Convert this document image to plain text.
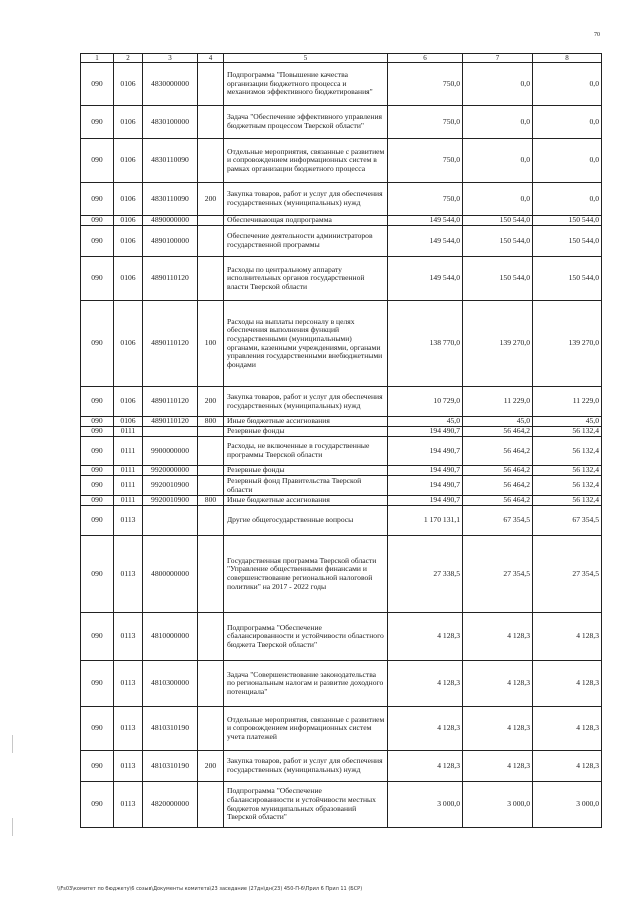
70
1	2	3	4	5	6	7	8
090	0106	4830000000		Подпрограмма "Повышение качества организации бюджетного процесса и механизмов эффективного бюджетирования"	750,0	0,0	0,0
090	0106	4830100000		Задача "Обеспечение эффективного управления бюджетным процессом Тверской области"	750,0	0,0	0,0
090	0106	4830110090		Отдельные мероприятия, связанные с развитием и сопровождением информационных систем в рамках организации бюджетного процесса	750,0	0,0	0,0
090	0106	4830110090	200	Закупка товаров, работ и услуг для обеспечения государственных (муниципальных) нужд	750,0	0,0	0,0
090	0106	4890000000		Обеспечивающая подпрограмма	149 544,0	150 544,0	150 544,0
090	0106	4890100000		Обеспечение деятельности администраторов государственной программы	149 544,0	150 544,0	150 544,0
090	0106	4890110120		Расходы по центральному аппарату исполнительных органов государственной власти Тверской области	149 544,0	150 544,0	150 544,0
090	0106	4890110120	100	Расходы на выплаты персоналу в целях обеспечения выполнения функций государственными (муниципальными) органами, казенными учреждениями, органами управления государственными внебюджетными фондами	138 770,0	139 270,0	139 270,0
090	0106	4890110120	200	Закупка товаров, работ и услуг для обеспечения государственных (муниципальных) нужд	10 729,0	11 229,0	11 229,0
090	0106	4890110120	800	Иные бюджетные ассигнования	45,0	45,0	45,0
090	0111			Резервные фонды	194 490,7	56 464,2	56 132,4
090	0111	9900000000		Расходы, не включенные в государственные программы Тверской области	194 490,7	56 464,2	56 132,4
090	0111	9920000000		Резервные фонды	194 490,7	56 464,2	56 132,4
090	0111	9920010900		Резервный фонд Правительства Тверской области	194 490,7	56 464,2	56 132,4
090	0111	9920010900	800	Иные бюджетные ассигнования	194 490,7	56 464,2	56 132,4
090	0113			Другие общегосударственные вопросы	1 170 131,1	67 354,5	67 354,5
090	0113	4800000000		Государственная программа Тверской области "Управление общественными финансами и совершенствование региональной налоговой политики" на 2017 - 2022 годы	27 338,5	27 354,5	27 354,5
090	0113	4810000000		Подпрограмма "Обеспечение сбалансированности и устойчивости областного бюджета Тверской области"	4 128,3	4 128,3	4 128,3
090	0113	4810300000		Задача "Совершенствование законодательства по региональным налогам и развитие доходного потенциала"	4 128,3	4 128,3	4 128,3
090	0113	4810310190		Отдельные мероприятия, связанные с развитием и сопровождением информационных систем учета платежей	4 128,3	4 128,3	4 128,3
090	0113	4810310190	200	Закупка товаров, работ и услуг для обеспечения государственных (муниципальных) нужд	4 128,3	4 128,3	4 128,3
090	0113	4820000000		Подпрограмма "Обеспечение сбалансированности и устойчивости местных бюджетов муниципальных образований Тверской области"	3 000,0	3 000,0	3 000,0
\\Fs03\комитет по бюджету\6 созыв\Документы комитета\23 заседание (27дн\дн(23) 450-П-6\Прил 6 Прил 11 (БСР)
